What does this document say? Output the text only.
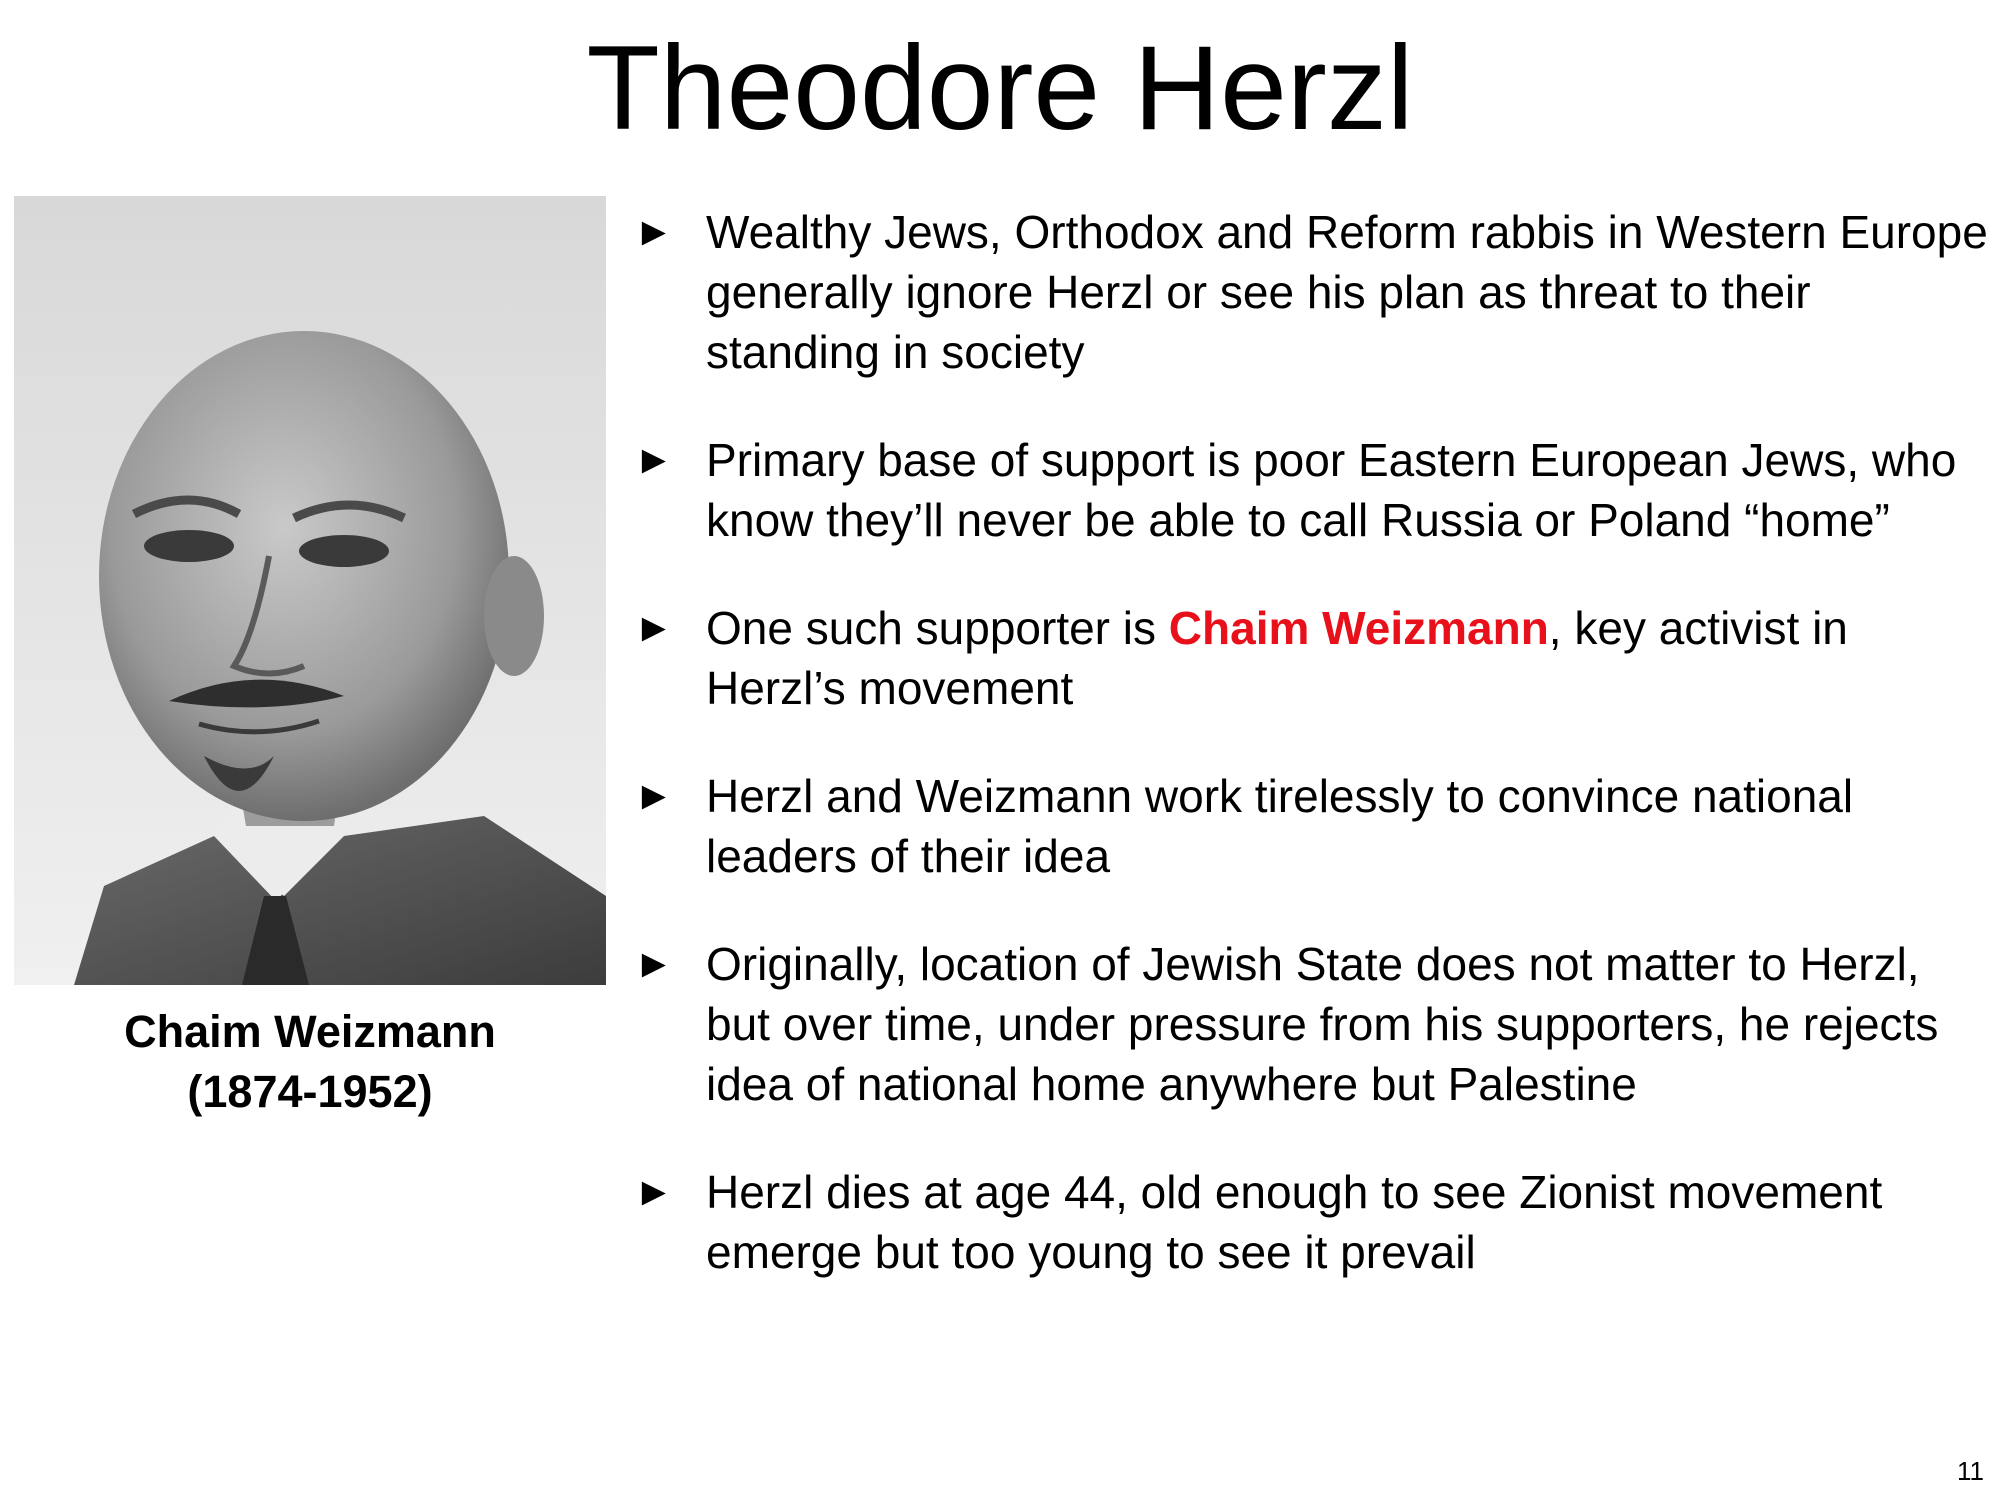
Theodore Herzl
Chaim Weizmann
(1874-1952)
► Wealthy Jews, Orthodox and Reform rabbis in Western Europe generally ignore Herzl or see his plan as threat to their standing in society
► Primary base of support is poor Eastern European Jews, who know they’ll never be able to call Russia or Poland “home”
► One such supporter is Chaim Weizmann, key activist in Herzl’s movement
► Herzl and Weizmann work tirelessly to convince national leaders of their idea
► Originally, location of Jewish State does not matter to Herzl, but over time, under pressure from his supporters, he rejects idea of national home anywhere but Palestine
► Herzl dies at age 44, old enough to see Zionist movement emerge but too young to see it prevail
11
